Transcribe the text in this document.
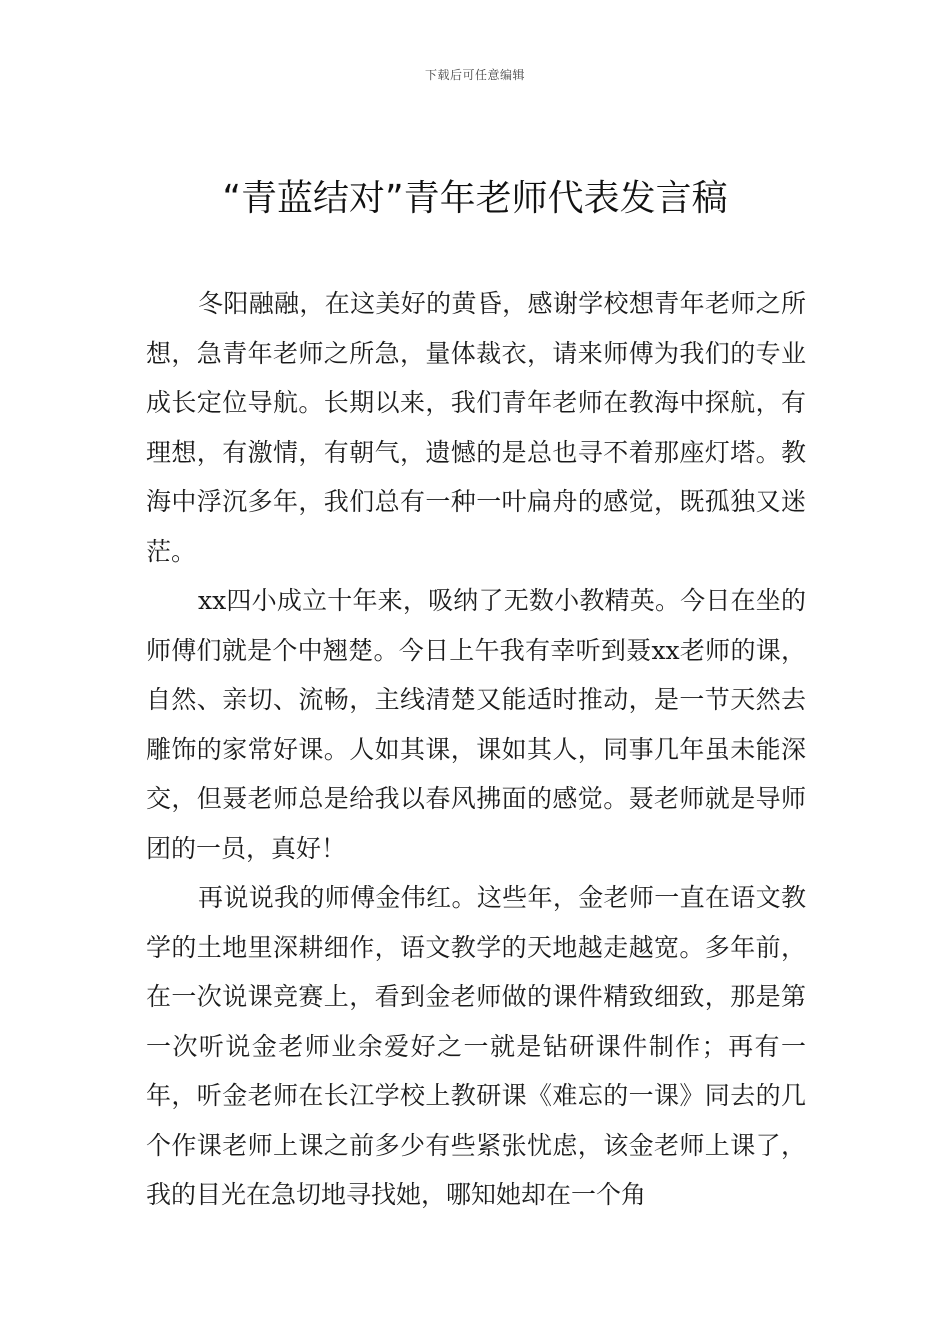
下载后可任意编辑
“青蓝结对”青年老师代表发言稿

冬阳融融，在这美好的黄昏，感谢学校想青年老师之所想，急青年老师之所急，量体裁衣，请来师傅为我们的专业成长定位导航。长期以来，我们青年老师在教海中探航，有理想，有激情，有朝气，遗憾的是总也寻不着那座灯塔。教海中浮沉多年，我们总有一种一叶扁舟的感觉，既孤独又迷茫。

xx四小成立十年来，吸纳了无数小教精英。今日在坐的师傅们就是个中翘楚。今日上午我有幸听到聂xx老师的课，自然、亲切、流畅，主线清楚又能适时推动，是一节天然去雕饰的家常好课。人如其课，课如其人，同事几年虽未能深交，但聂老师总是给我以春风拂面的感觉。聂老师就是导师团的一员，真好！

再说说我的师傅金伟红。这些年，金老师一直在语文教学的土地里深耕细作，语文教学的天地越走越宽。多年前，在一次说课竞赛上，看到金老师做的课件精致细致，那是第一次听说金老师业余爱好之一就是钻研课件制作；再有一年，听金老师在长江学校上教研课《难忘的一课》同去的几个作课老师上课之前多少有些紧张忧虑，该金老师上课了，我的目光在急切地寻找她，哪知她却在一个角
